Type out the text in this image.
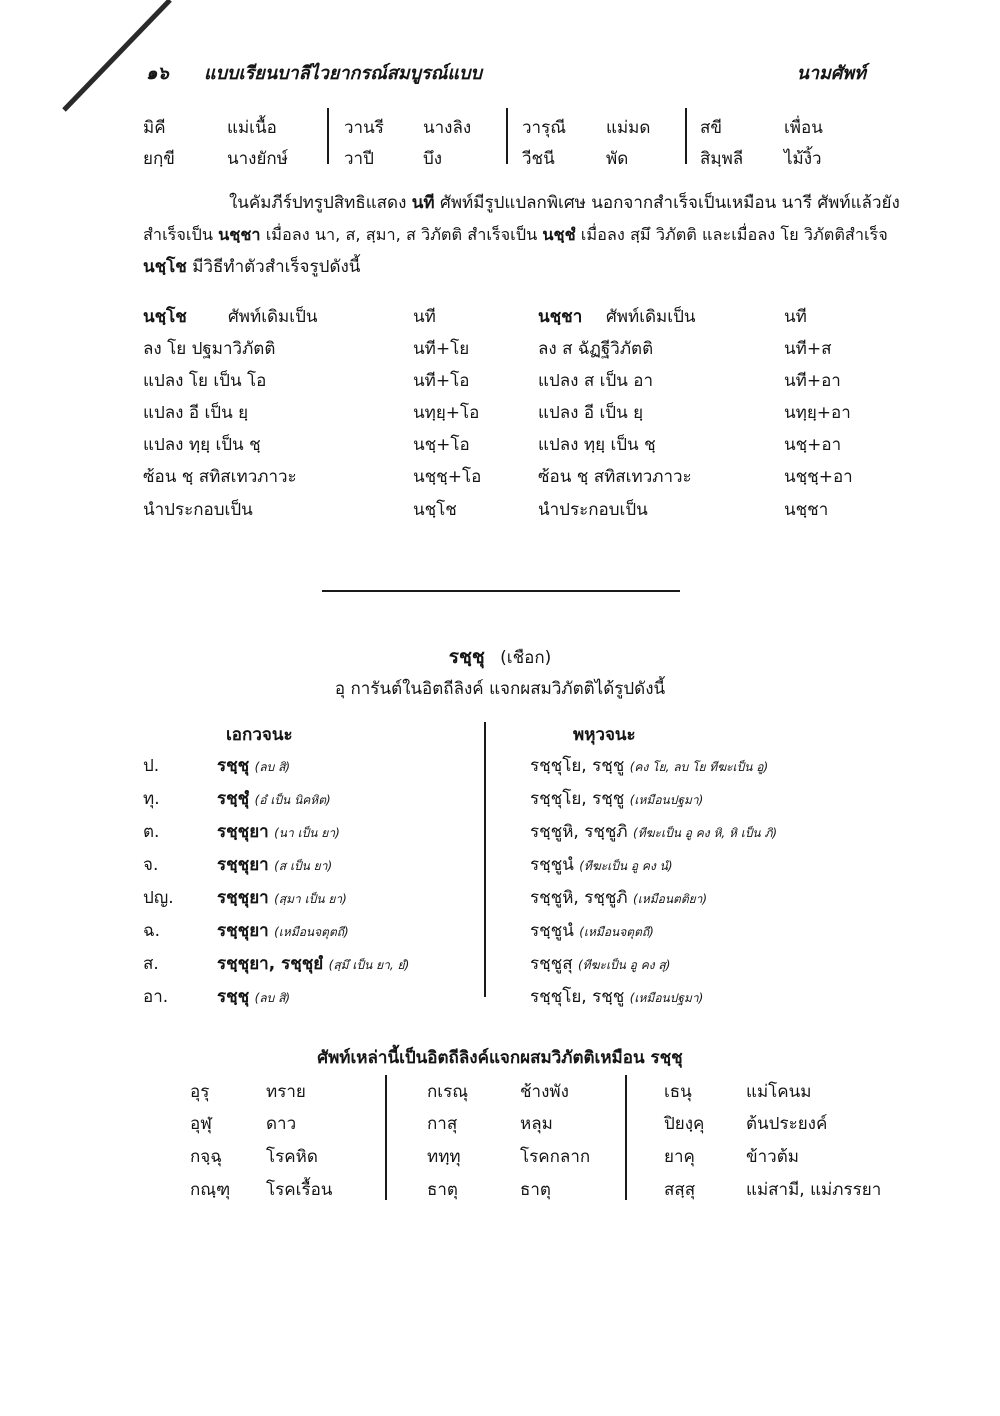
๑๖ แบบเรียนบาลีไวยากรณ์สมบูรณ์แบบ	นามศัพท์
มิคี	แม่เนื้อ	วานรี นางลิง	วารุณี แม่มด	สขี	เพื่อน
ยกฺขี	นางยักษ์	วาปี	บึง	วีชนี	พัด	สิมฺพลี ไม้งิ้ว
ในคัมภีร์ปทรูปสิทธิแสดง นที ศัพท์มีรูปแปลกพิเศษ นอกจากสำเร็จเป็นเหมือน นารี ศัพท์แล้วยัง
สำเร็จเป็น นชฺชา เมื่อลง นา, ส, สฺมา, ส วิภัตติ สำเร็จเป็น นชฺชํ เมื่อลง สฺมึ วิภัตติ และเมื่อลง โย วิภัตติสำเร็จ
นชฺโช มีวิธีทำตัวสำเร็จรูปดังนี้
นชฺโช ศัพท์เดิมเป็น	นที
ลง โย ปฐมาวิภัตติ	นที+โย
แปลง โย เป็น โอ	นที+โอ
แปลง อี เป็น ยฺ	นทฺยฺ+โอ
แปลง ทฺยฺ เป็น ชฺ	นชฺ+โอ
ซ้อน ชฺ สทิสเทวภาวะ	นชฺชฺ+โอ
นำประกอบเป็น	นชฺโช
นชฺชา ศัพท์เดิมเป็น	นที
ลง ส ฉัฏฐีวิภัตติ	นที+ส
แปลง ส เป็น อา	นที+อา
แปลง อี เป็น ยฺ	นทฺยฺ+อา
แปลง ทฺยฺ เป็น ชฺ	นชฺ+อา
ซ้อน ชฺ สทิสเทวภาวะ	นชฺชฺ+อา
นำประกอบเป็น	นชฺชา
รชฺชุ (เชือก)
อุ การันต์ในอิตถีลิงค์ แจกผสมวิภัตติได้รูปดังนี้
เอกวจนะ	พหุวจนะ
ป.	รชฺชุ (ลบ สิ)	รชฺชุโย, รชฺชู (คง โย, ลบ โย ทีฆะเป็น อู)
ทุ.	รชฺชุํ (อํ เป็น นิคหิต)	รชฺชุโย, รชฺชู (เหมือนปฐมา)
ต.	รชฺชุยา (นา เป็น ยา)	รชฺชูหิ, รชฺชูภิ (ทีฆะเป็น อู คง หิ, หิ เป็น ภิ)
จ.	รชฺชุยา (ส เป็น ยา)	รชฺชูนํ (ทีฆะเป็น อู คง นํ)
ปญ.	รชฺชุยา (สฺมา เป็น ยา)	รชฺชูหิ, รชฺชูภิ (เหมือนตติยา)
ฉ.	รชฺชุยา (เหมือนจตุตถี)	รชฺชูนํ (เหมือนจตุตถี)
ส.	รชฺชุยา, รชฺชุยํ (สฺมึ เป็น ยา, ยํ)	รชฺชูสุ (ทีฆะเป็น อู คง สุ)
อา.	รชฺชุ (ลบ สิ)	รชฺชุโย, รชฺชู (เหมือนปฐมา)
ศัพท์เหล่านี้เป็นอิตถีลิงค์แจกผสมวิภัตติเหมือน รชฺชุ
อุรุ	ทราย	กเรณุ	ช้างพัง	เธนุ	แม่โคนม
อุฬุ	ดาว	กาสุ	หลุม	ปิยงฺคุ ต้นประยงค์
กจฺฉุ	โรคหิด	ททฺทุ	โรคกลาก	ยาคุ	ข้าวต้ม
กณฺฑุ โรคเรื้อน	ธาตุ	ธาตุ	สสฺสุ	แม่สามี, แม่ภรรยา
